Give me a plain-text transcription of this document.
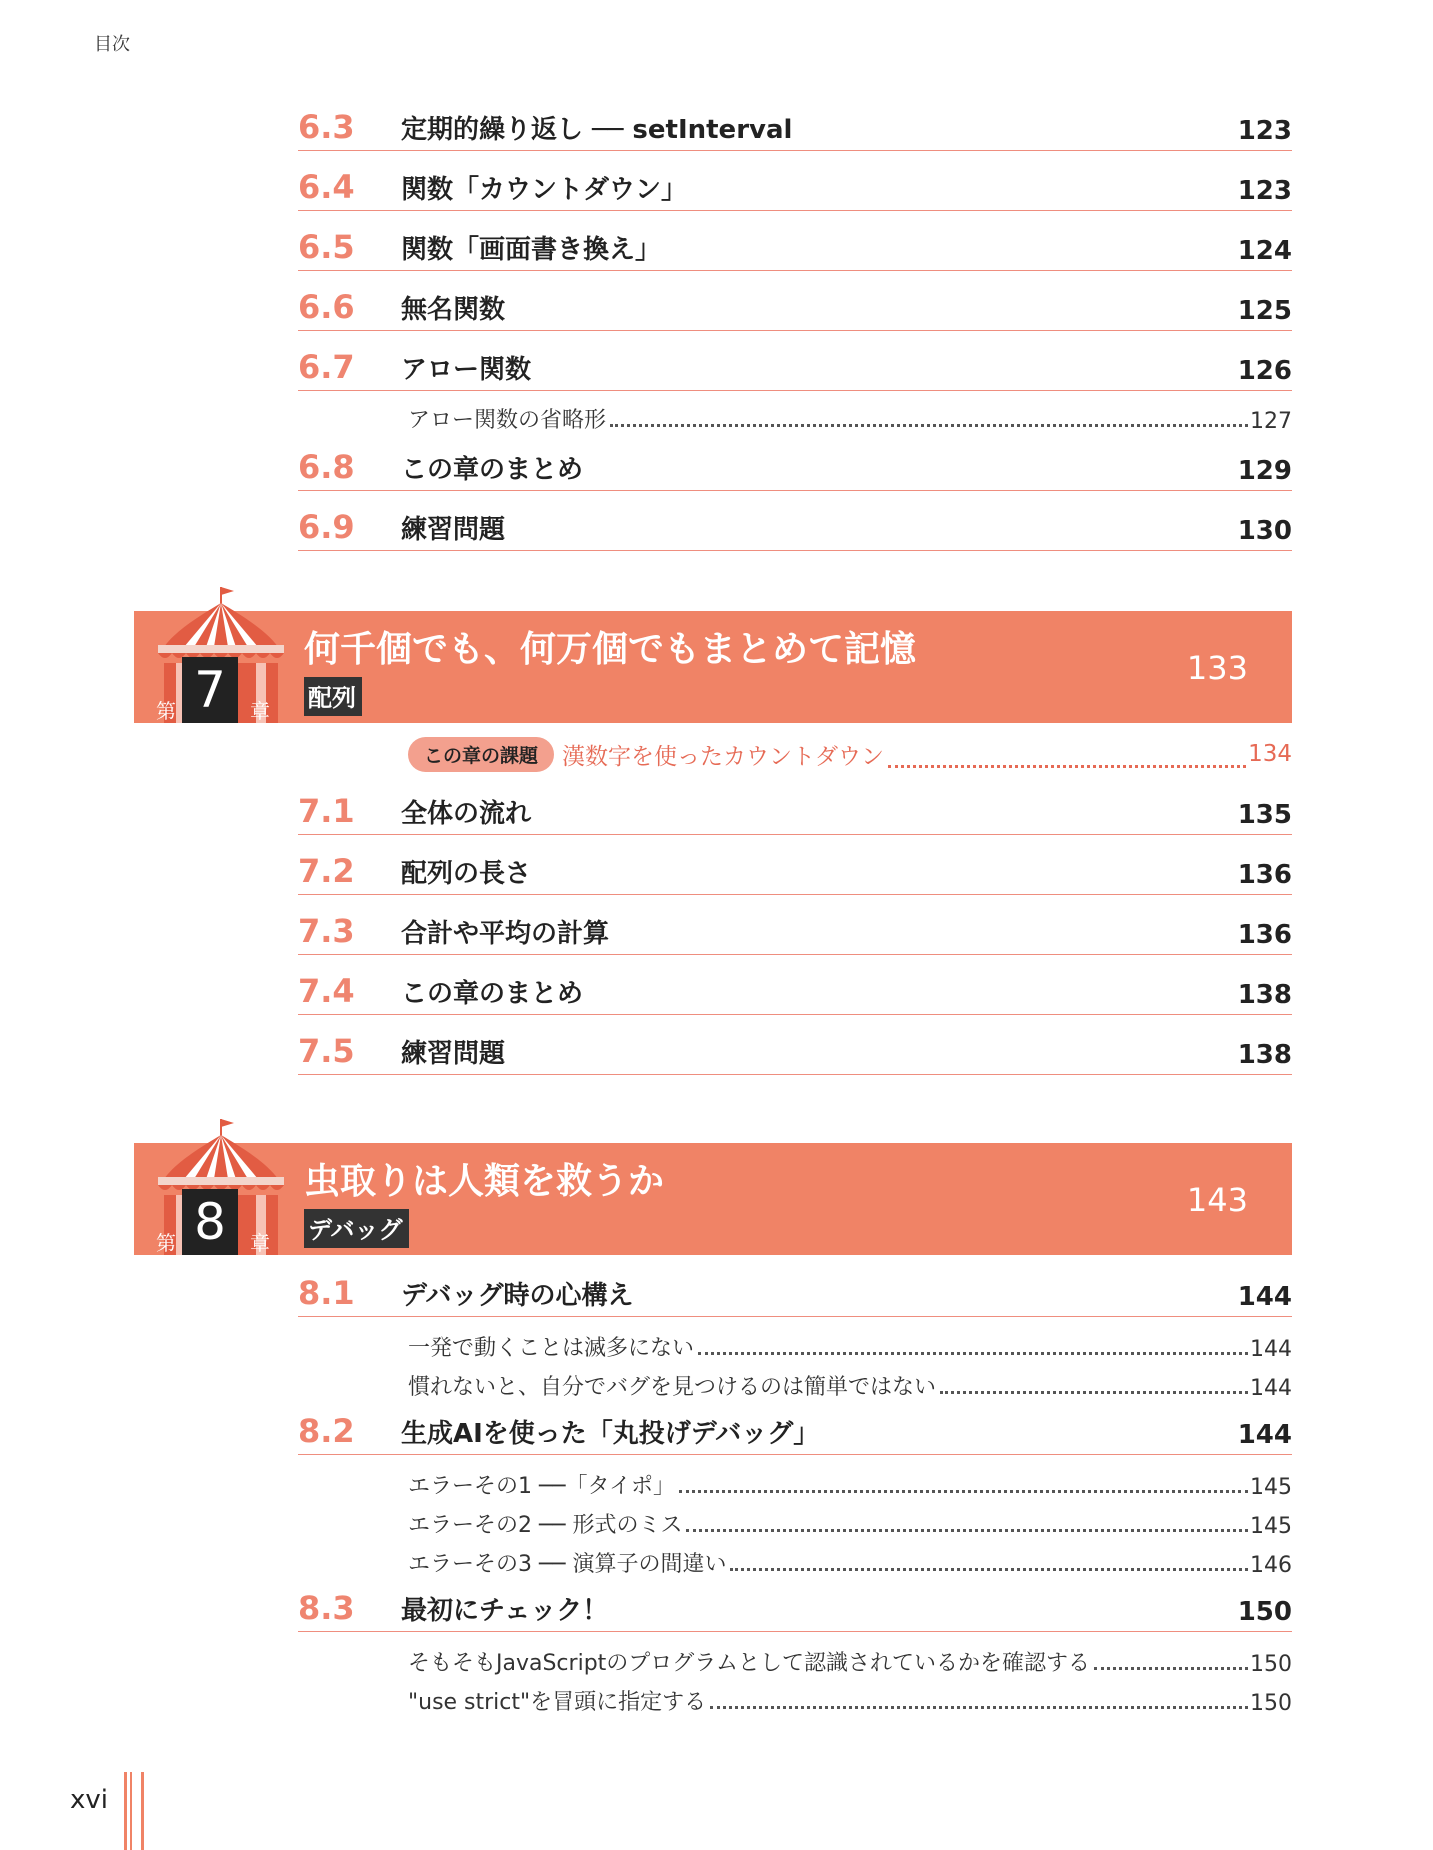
目次
6.3 定期的繰り返し ── setInterval	123
6.4 関数「カウントダウン」	123
6.5 関数「画面書き換え」	124
6.6 無名関数	125
6.7 アロー関数	126
アロー関数の省略形	127
6.8 この章のまとめ	129
6.9 練習問題	130
7
第	章
何千個でも、何万個でもまとめて記憶
配列
133
この章の課題	漢数字を使ったカウントダウン	134
7.1 全体の流れ	135
7.2 配列の長さ	136
7.3 合計や平均の計算	136
7.4 この章のまとめ	138
7.5 練習問題	138
8
第	章
虫取りは人類を救うか
デバッグ
143
8.1 デバッグ時の心構え	144
一発で動くことは滅多にない	144
慣れないと、自分でバグを見つけるのは簡単ではない	144
8.2 生成AIを使った「丸投げデバッグ」	144
エラーその1 ──「タイポ」	145
エラーその2 ── 形式のミス	145
エラーその3 ── 演算子の間違い	146
8.3 最初にチェック！	150
そもそもJavaScriptのプログラムとして認識されているかを確認する	150
"use strict"を冒頭に指定する	150
xvi
